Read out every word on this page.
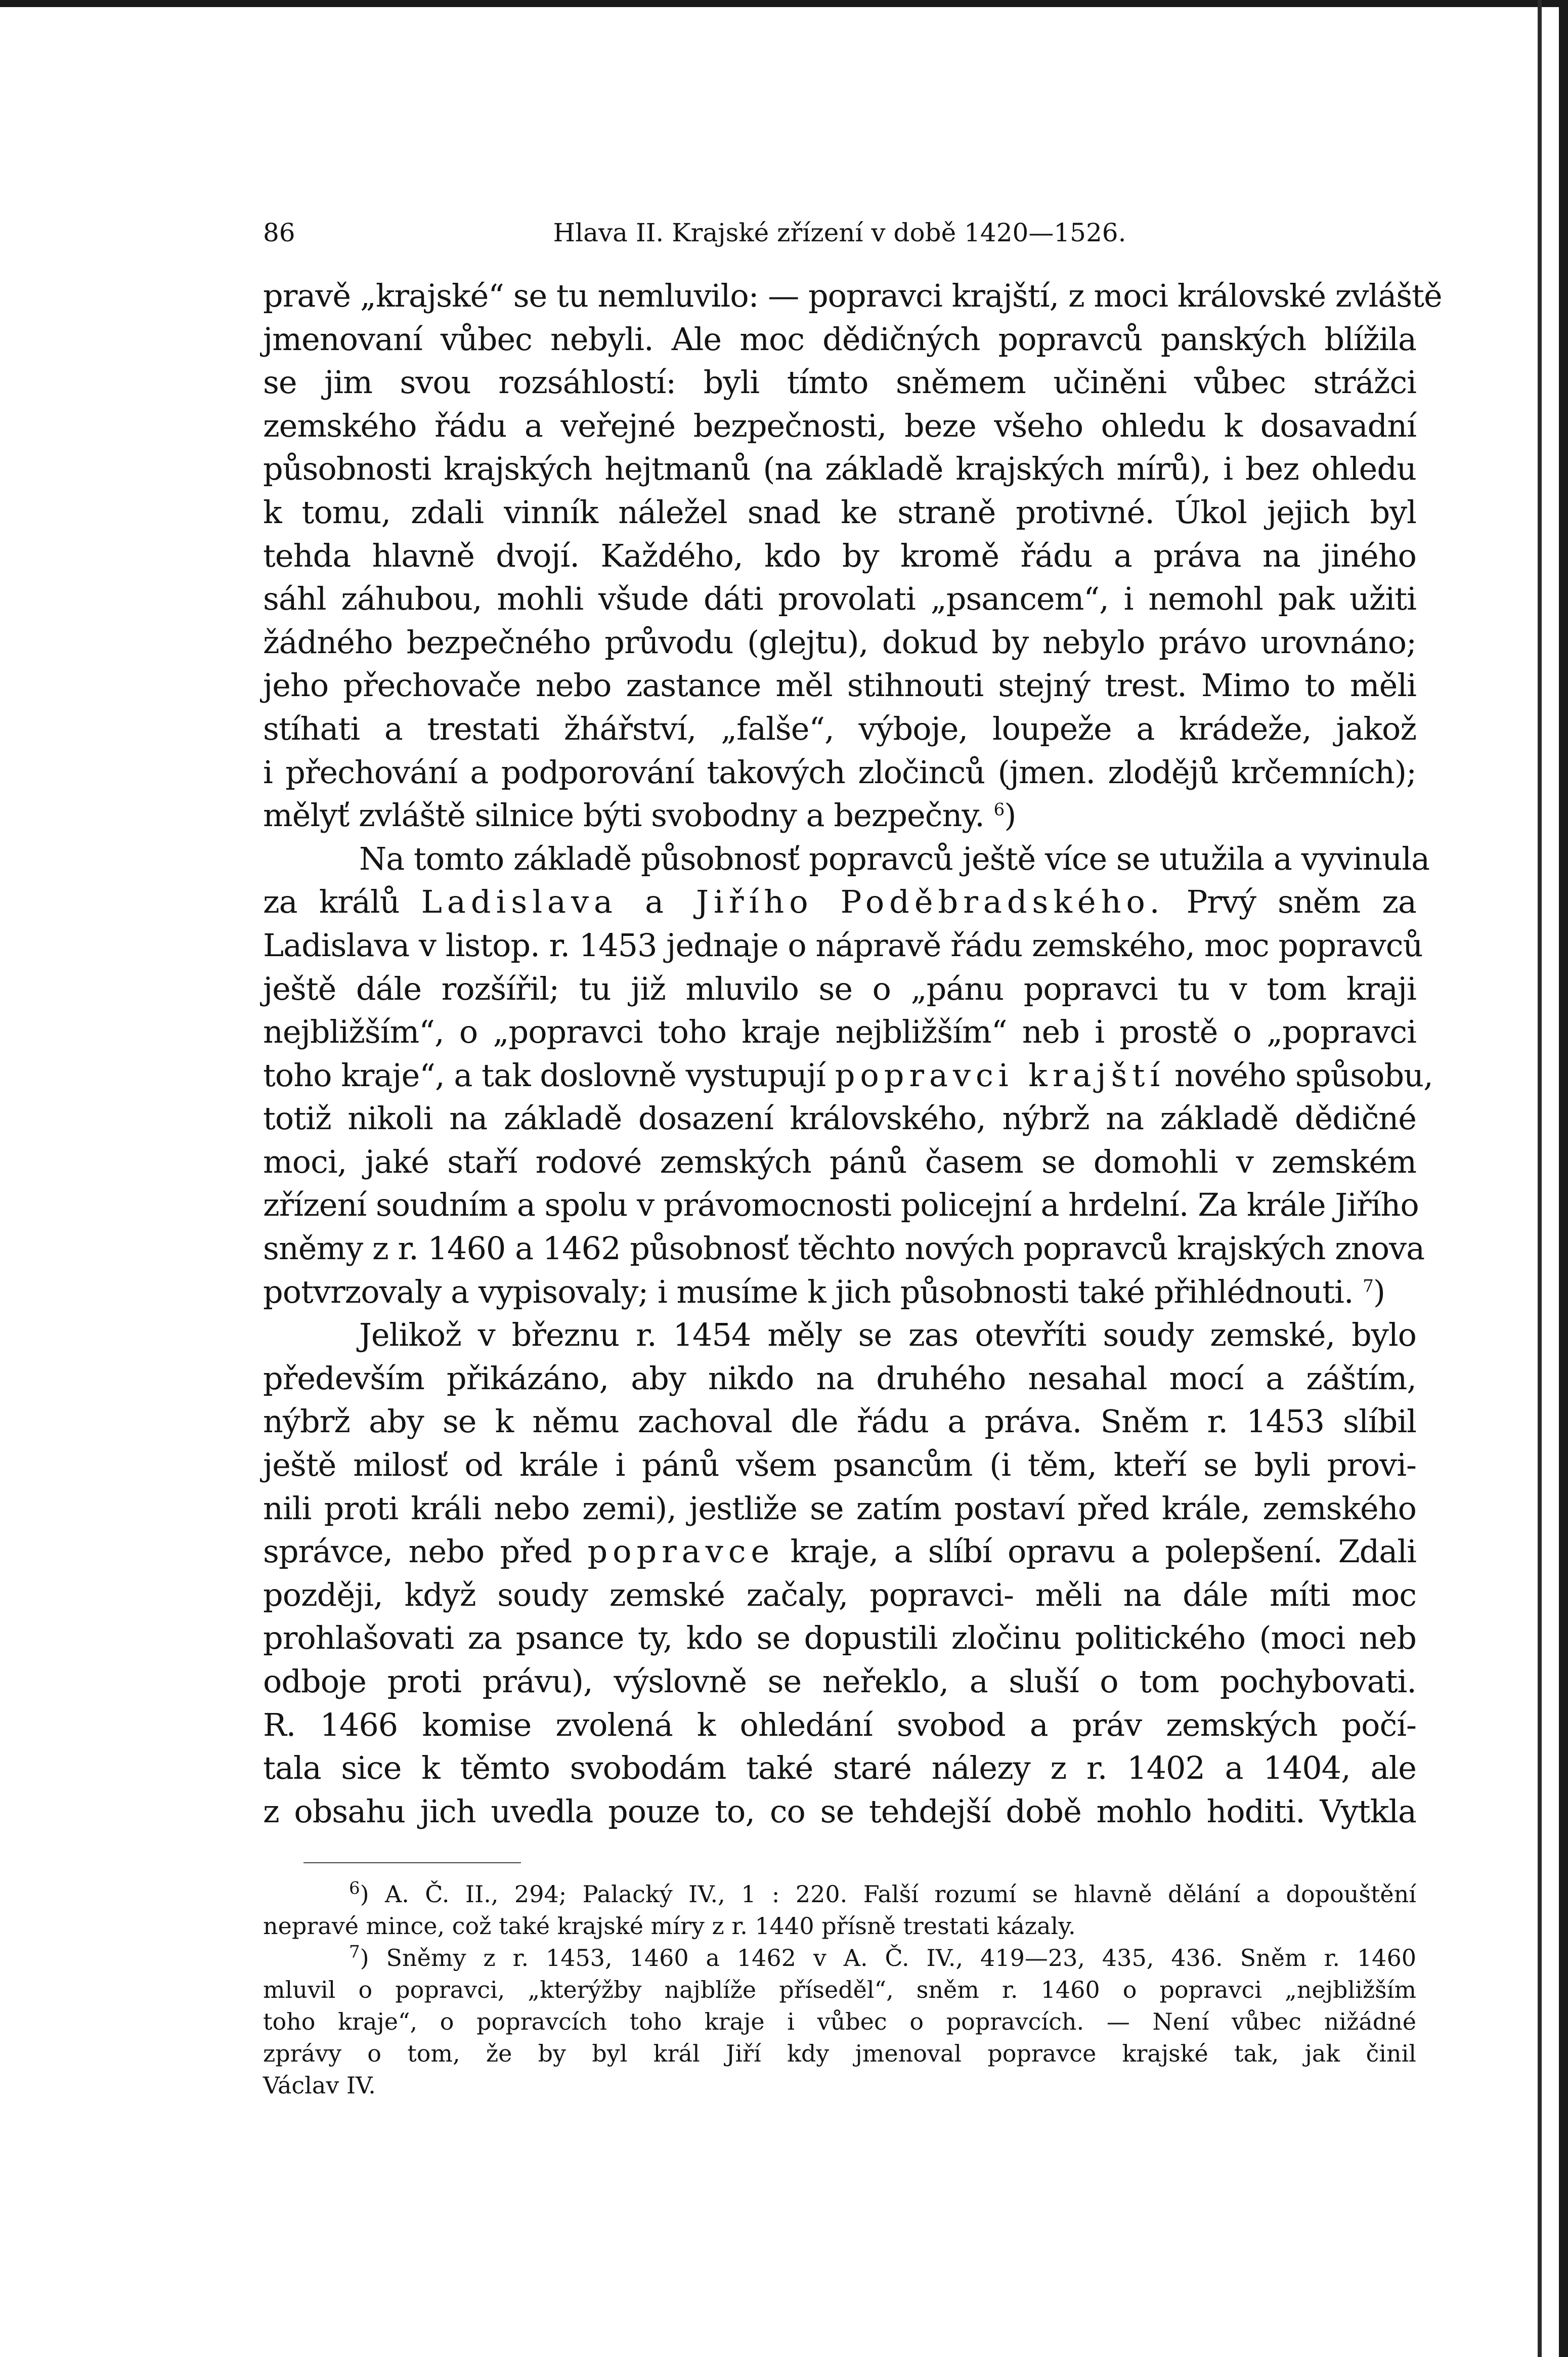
86	Hlava II. Krajské zřízení v době 1420—1526.
pravě „krajské“ se tu nemluvilo: — popravci krajští, z moci královské zvláště
jmenovaní vůbec nebyli. Ale moc dědičných popravců panských blížila
se jim svou rozsáhlostí: byli tímto sněmem učiněni vůbec strážci
zemského řádu a veřejné bezpečnosti, beze všeho ohledu k dosavadní
působnosti krajských hejtmanů (na základě krajských mírů), i bez ohledu
k tomu, zdali vinník náležel snad ke straně protivné. Úkol jejich byl
tehda hlavně dvojí. Každého, kdo by kromě řádu a práva na jiného
sáhl záhubou, mohli všude dáti provolati „psancem“, i nemohl pak užiti
žádného bezpečného průvodu (glejtu), dokud by nebylo právo urovnáno;
jeho přechovače nebo zastance měl stihnouti stejný trest. Mimo to měli
stíhati a trestati žhářství, „falše“, výboje, loupeže a krádeže, jakož
i přechování a podporování takových zločinců (jmen. zlodějů krčemních);
mělyť zvláště silnice býti svobodny a bezpečny. $^6$)
Na tomto základě působnosť popravců ještě více se utužila a vyvinula
za králů Ladislava a Jiřího Poděbradského. Prvý sněm za
Ladislava v listop. r. 1453 jednaje o nápravě řádu zemského, moc popravců
ještě dále rozšířil; tu již mluvilo se o „pánu popravci tu v tom kraji
nejbližším“, o „popravci toho kraje nejbližším“ neb i prostě o „popravci
toho kraje“, a tak doslovně vystupují popravci krajští nového spůsobu,
totiž nikoli na základě dosazení královského, nýbrž na základě dědičné
moci, jaké staří rodové zemských pánů časem se domohli v zemském
zřízení soudním a spolu v právomocnosti policejní a hrdelní. Za krále Jiřího
sněmy z r. 1460 a 1462 působnosť těchto nových popravců krajských znova
potvrzovaly a vypisovaly; i musíme k jich působnosti také přihlédnouti. $^7$)
Jelikož v březnu r. 1454 měly se zas otevříti soudy zemské, bylo
především přikázáno, aby nikdo na druhého nesahal mocí a záštím,
nýbrž aby se k němu zachoval dle řádu a práva. Sněm r. 1453 slíbil
ještě milosť od krále i pánů všem psancům (i těm, kteří se byli provi-
nili proti králi nebo zemi), jestliže se zatím postaví před krále, zemského
správce, nebo před popravce kraje, a slíbí opravu a polepšení. Zdali
později, když soudy zemské začaly, popravci- měli na dále míti moc
prohlašovati za psance ty, kdo se dopustili zločinu politického (moci neb
odboje proti právu), výslovně se neřeklo, a sluší o tom pochybovati.
R. 1466 komise zvolená k ohledání svobod a práv zemských počí-
tala sice k těmto svobodám také staré nálezy z r. 1402 a 1404, ale
z obsahu jich uvedla pouze to, co se tehdejší době mohlo hoditi. Vytkla
$^6$) A. Č. II., 294; Palacký IV., 1 : 220. Falší rozumí se hlavně dělání a dopouštění
nepravé mince, což také krajské míry z r. 1440 přísně trestati kázaly.
$^7$) Sněmy z r. 1453, 1460 a 1462 v A. Č. IV., 419—23, 435, 436. Sněm r. 1460
mluvil o popravci, „kterýžby najblíže příseděl“, sněm r. 1460 o popravci „nejbližším
toho kraje“, o popravcích toho kraje i vůbec o popravcích. — Není vůbec nižádné
zprávy o tom, že by byl král Jiří kdy jmenoval popravce krajské tak, jak činil
Václav IV.
